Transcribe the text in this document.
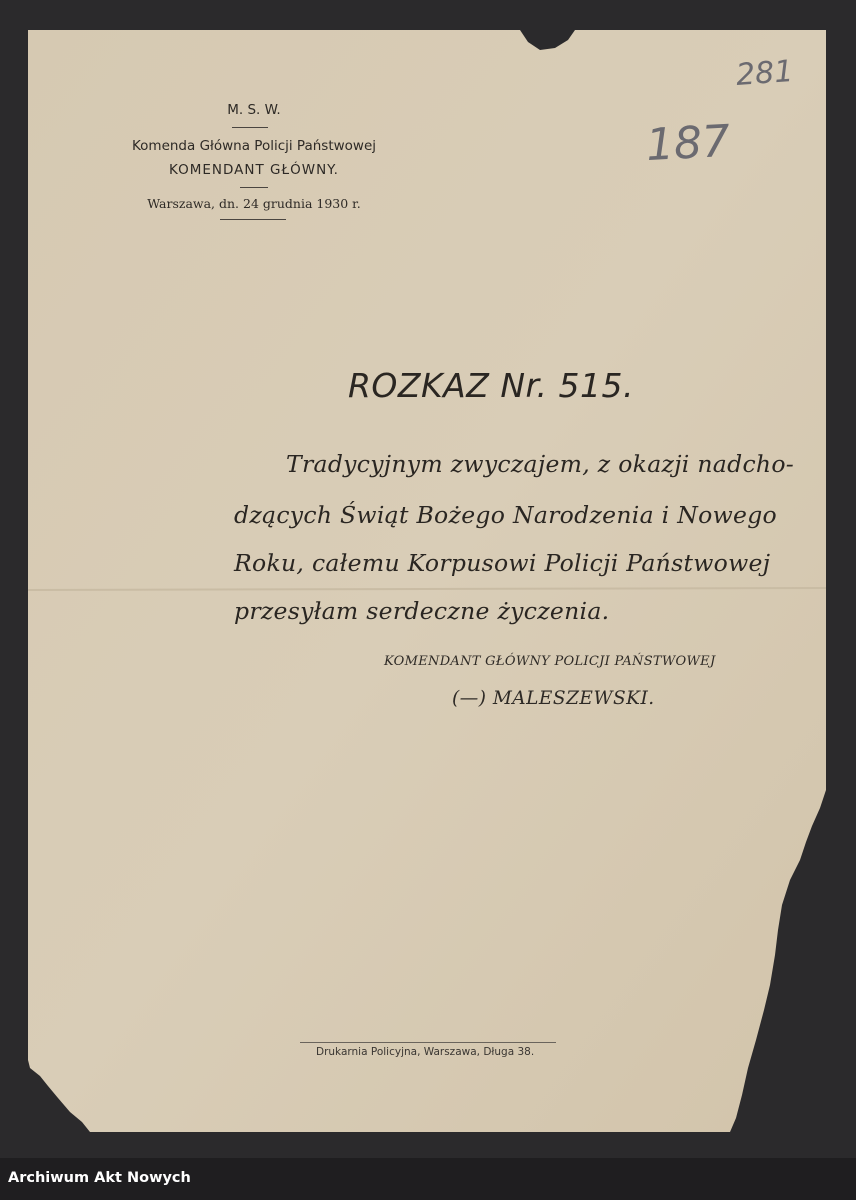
M. S. W.
Komenda Główna Policji Państwowej
KOMENDANT GŁÓWNY.
Warszawa, dn. 24 grudnia 1930 r.
281
187
ROZKAZ Nr. 515.
Tradycyjnym zwyczajem, z okazji nadcho-
dzących Świąt Bożego Narodzenia i Nowego
Roku, całemu Korpusowi Policji Państwowej
przesyłam serdeczne życzenia.
KOMENDANT GŁÓWNY POLICJI PAŃSTWOWEJ
(—) MALESZEWSKI.
Drukarnia Policyjna, Warszawa, Długa 38.
Archiwum Akt Nowych
